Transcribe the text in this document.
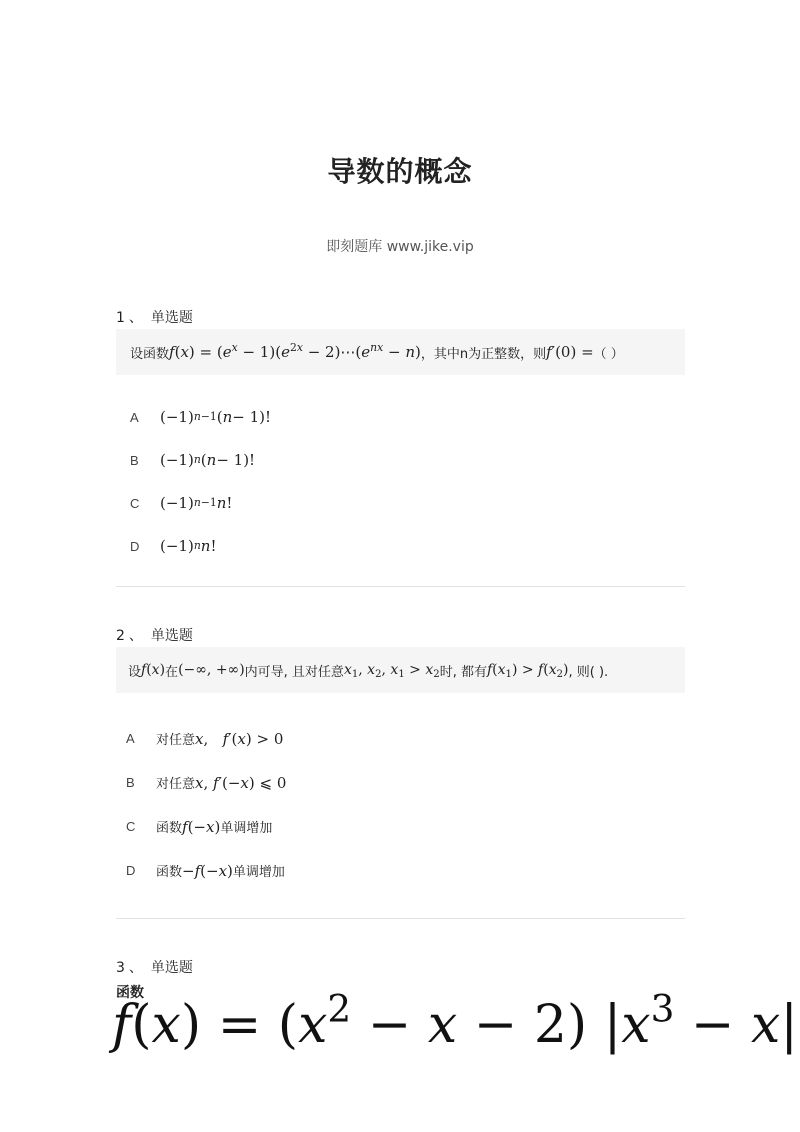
导数的概念
即刻题库 www.jike.vip
1 、 单选题
设函数 $f(x) = (e^x - 1)(e^{2x}$ − $2)\cdots(e^{nx} - n)$ ，其中n为正整数，则 f′(0) = （ ）
A	(−1) n−1 ( n − 1)!
B	(−1) n ( n − 1)!
C	(−1) n−1 n !
D	(−1) n n !
2 、 单选题
设 f(x) 在 (−∞, +∞) 内可导, 且对任意 $x_1$, $x_2$, $x_1 > x_2$ 时, 都有 $f(x_1) > f(x_2)$ , 则( ).
A	对任意 x,   f′(x) > 0
B	对任意 x, f′(−x) ⩽ 0
C	函数 f(−x) 单调增加
D	函数 −f(−x) 单调增加
3 、 单选题
函数
$f(x) = (x^2 - x - 2) |x^3 - x|$
